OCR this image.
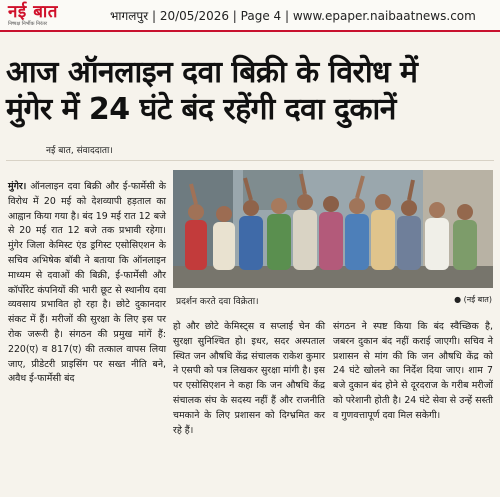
नई बात
निष्पक्ष निर्भीक निरंतर
भागलपुर | 20/05/2026 | Page 4 | www.epaper.naibaatnews.com
आज ऑनलाइन दवा बिक्री के विरोध में
मुंगेर में 24 घंटे बंद रहेंगी दवा दुकानें
नई बात, संवाददाता।
मुंगेर। ऑनलाइन दवा बिक्री और ई-फार्मेसी के विरोध में 20 मई को देशव्यापी हड़ताल का आह्वान किया गया है। बंद 19 मई रात 12 बजे से 20 मई रात 12 बजे तक प्रभावी रहेगा। मुंगेर जिला केमिस्ट एंड ड्रगिस्ट एसोसिएशन के सचिव अभिषेक बॉबी ने बताया कि ऑनलाइन माध्यम से दवाओं की बिक्री, ई-फार्मेसी और कॉर्पोरेट कंपनियों की भारी छूट से स्थानीय दवा व्यवसाय प्रभावित हो रहा है। छोटे दुकानदार संकट में हैं। मरीजों की सुरक्षा के लिए इस पर रोक जरूरी है। संगठन की प्रमुख मांगें हैं: 220(ए) व 817(ए) की तत्काल वापस लिया जाए, प्रीडेटरी प्राइसिंग पर सख्त नीति बने, अवैध ई-फार्मेसी बंद
प्रदर्शन करते दवा विक्रेता।	● (नई बात)
हो और छोटे केमिस्ट्स व सप्लाई चेन की सुरक्षा सुनिश्चित हो। इधर, सदर अस्पताल स्थित जन औषधि केंद्र संचालक राकेश कुमार ने एसपी को पत्र लिखकर सुरक्षा मांगी है। इस पर एसोसिएशन ने कहा कि जन औषधि केंद्र संचालक संघ के सदस्य नहीं हैं और राजनीति चमकाने के लिए प्रशासन को दिग्भ्रमित कर रहे हैं।
संगठन ने स्पष्ट किया कि बंद स्वैच्छिक है, जबरन दुकान बंद नहीं कराई जाएगी। सचिव ने प्रशासन से मांग की कि जन औषधि केंद्र को 24 घंटे खोलने का निर्देश दिया जाए। शाम 7 बजे दुकान बंद होने से दूरदराज के गरीब मरीजों को परेशानी होती है। 24 घंटे सेवा से उन्हें सस्ती व गुणवत्तापूर्ण दवा मिल सकेगी।
